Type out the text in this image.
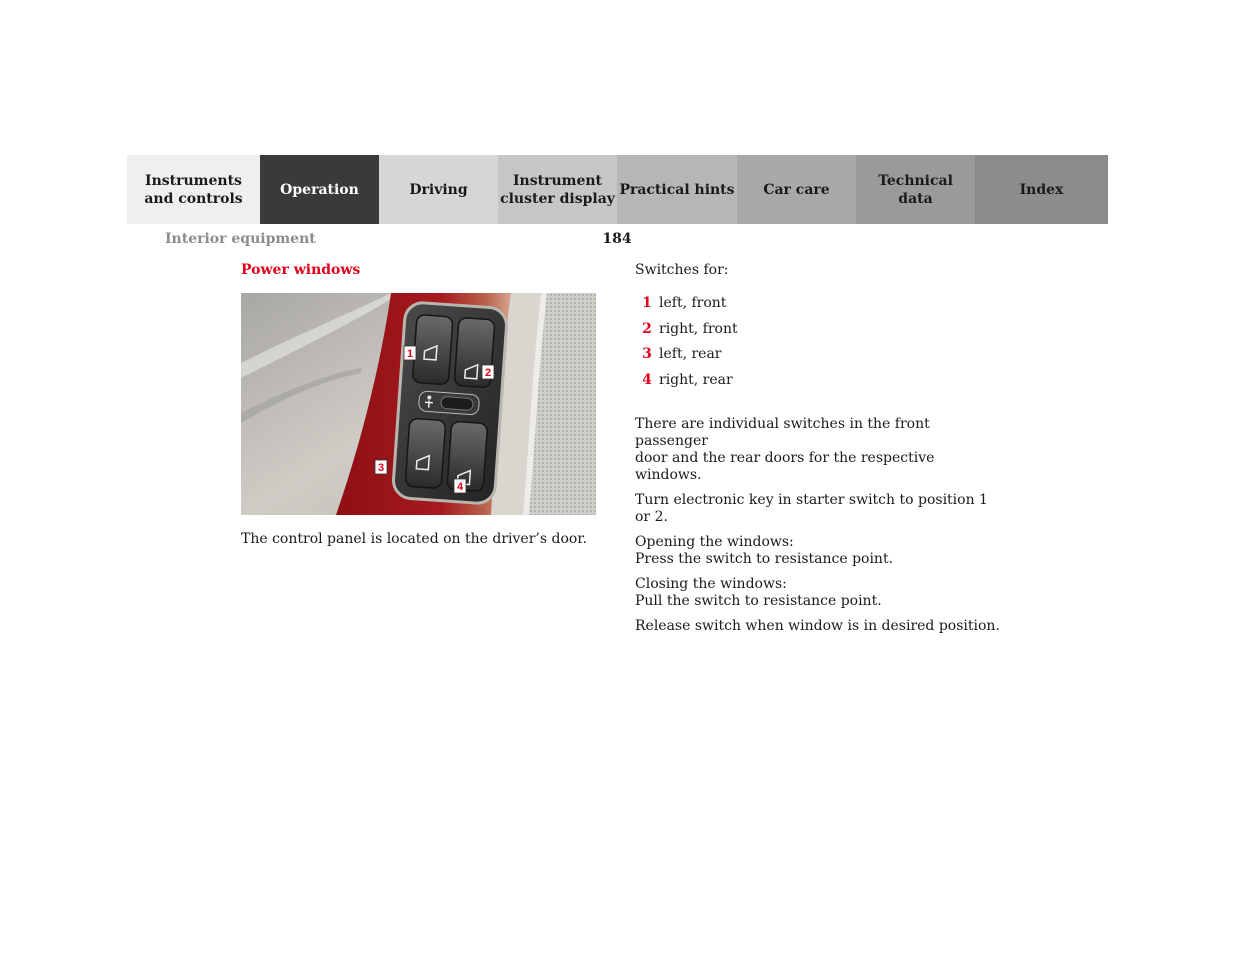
Instruments
and controls
Operation	Driving
Instrument
cluster display
Practical hints Car care
Technical
data
Index
Interior equipment	184
Power windows
1
2
3
4
The control panel is located on the driver’s door.

Switches for:

1 left, front
2 right, front
3 left, rear
4 right, rear

There are individual switches in the front passenger
door and the rear doors for the respective windows.

Turn electronic key in starter switch to position 1 or 2.

Opening the windows:
Press the switch to resistance point.

Closing the windows:
Pull the switch to resistance point.

Release switch when window is in desired position.
